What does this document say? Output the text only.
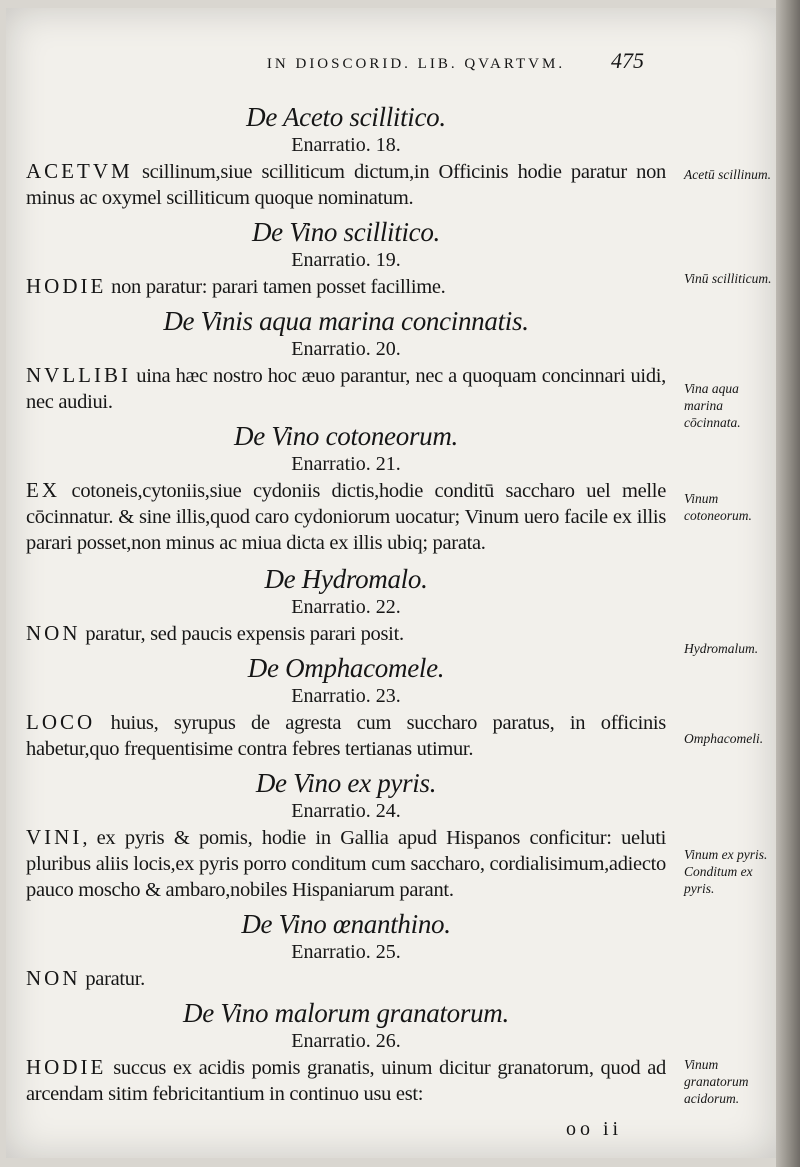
IN DIOSCORID. LIB. QVARTVM.	475
De Aceto scillitico.
Enarratio. 18.

ACETVM scillinum,siue scilliticum dictum,in Officinis hodie paratur non minus ac oxymel scilliticum quoque nominatum.

De Vino scillitico.
Enarratio. 19.

HODIE non paratur: parari tamen posset facillime.

De Vinis aqua marina concinnatis.
Enarratio. 20.

NVLLIBI uina hæc nostro hoc æuo parantur, nec a quoquam concinnari uidi, nec audiui.

De Vino cotoneorum.
Enarratio. 21.

EX cotoneis,cytoniis,siue cydoniis dictis,hodie conditū saccharo uel melle cōcinnatur. & sine illis,quod caro cydoniorum uocatur; Vinum uero facile ex illis parari posset,non minus ac miua dicta ex illis ubiq; parata.

De Hydromalo.
Enarratio. 22.

NON paratur, sed paucis expensis parari posit.

De Omphacomele.
Enarratio. 23.

LOCO huius, syrupus de agresta cum succharo paratus, in officinis habetur,quo frequentisime contra febres tertianas utimur.

De Vino ex pyris.
Enarratio. 24.

VINI, ex pyris & pomis, hodie in Gallia apud Hispanos conficitur: ueluti pluribus aliis locis,ex pyris porro conditum cum saccharo, cordialisimum,adiecto pauco moscho & ambaro,nobiles Hispaniarum parant.

De Vino œnanthino.
Enarratio. 25.

NON paratur.

De Vino malorum granatorum.
Enarratio. 26.

HODIE succus ex acidis pomis granatis, uinum dicitur granatorum, quod ad arcendam sitim febricitantium in continuo usu est:

Acetū scillinum.
Vinū scilliticum.
Vina aqua marina cōcinnata.
Vinum cotoneorum.
Hydromalum.
Omphacomeli.
Vinum ex pyris. Conditum ex pyris.
Vinum granatorum acidorum.
oo ii
